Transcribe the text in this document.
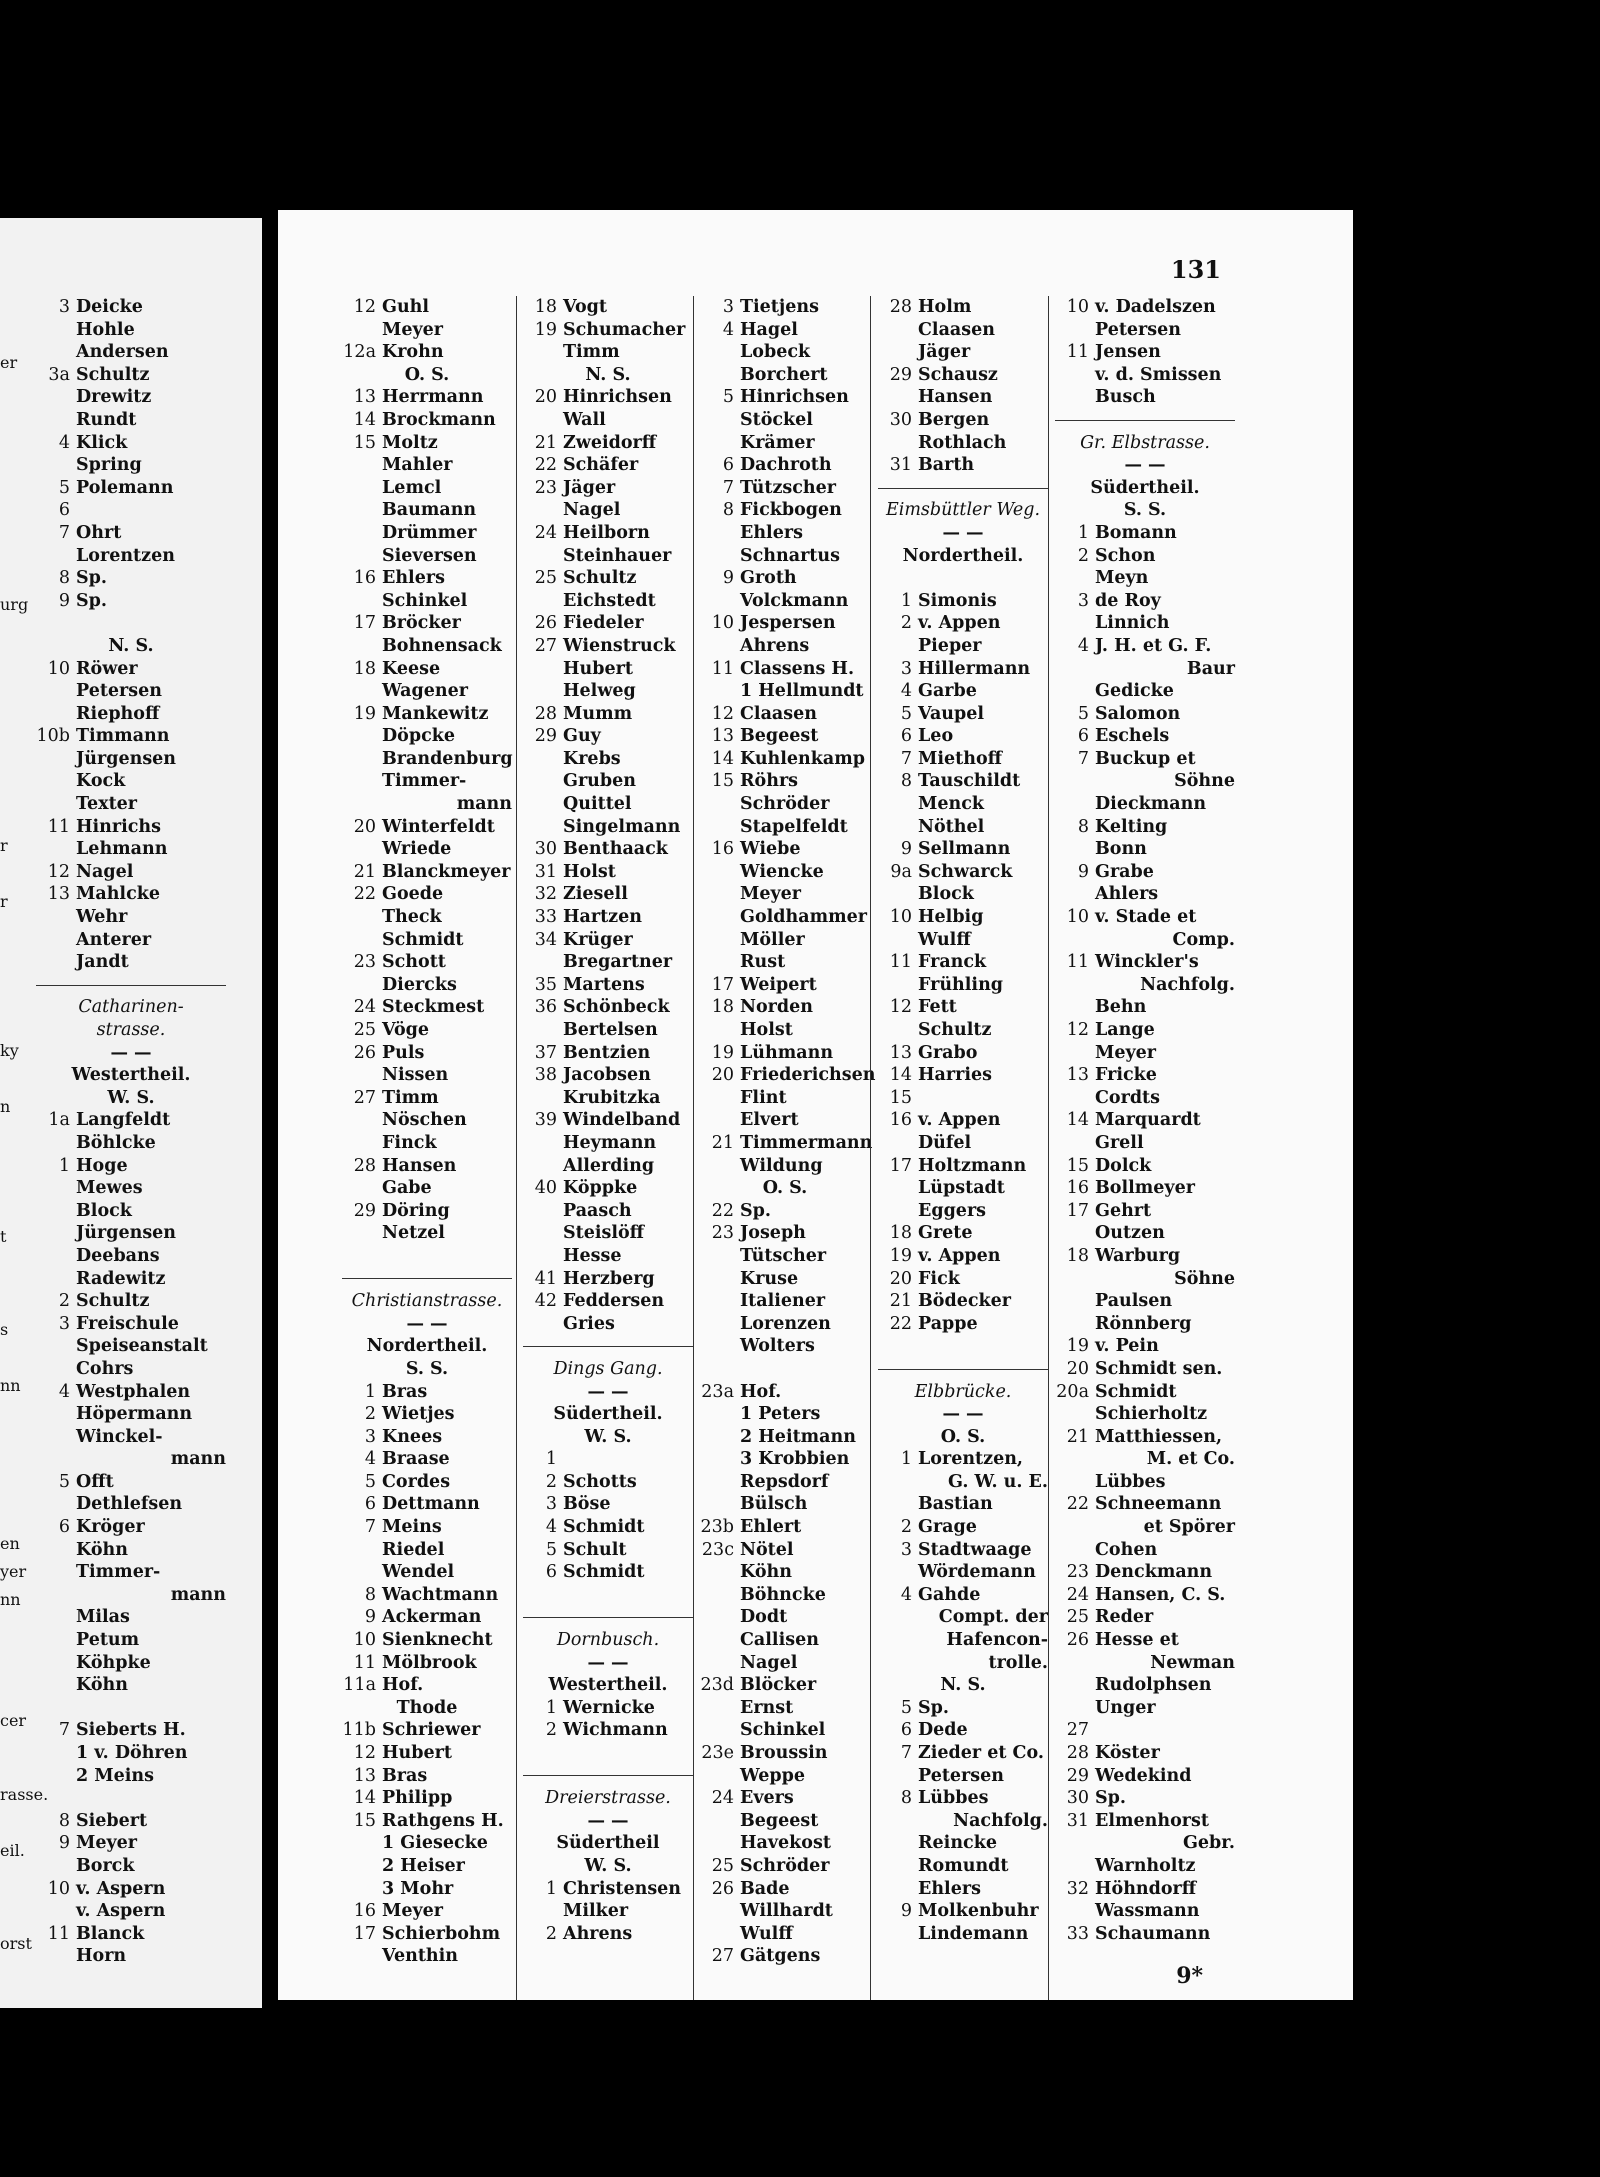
er
urg
r
r
ky
n
t
s
nn
en
yer
nn
cer
rasse.
eil.
orst
3 Deicke
Hohle
Andersen
3a Schultz
Drewitz
Rundt
4 Klick
Spring
5 Polemann
6
7 Ohrt
Lorentzen
8 Sp.
9 Sp.
N. S.
10 Röwer
Petersen
Riephoff
10b Timmann
Jürgensen
Kock
Texter
11 Hinrichs
Lehmann
12 Nagel
13 Mahlcke
Wehr
Anterer
Jandt
Catharinen-
strasse.
— —
Westertheil.
W. S.
1a Langfeldt
Böhlcke
1 Hoge
Mewes
Block
Jürgensen
Deebans
Radewitz
2 Schultz
3 Freischule
Speiseanstalt
Cohrs
4 Westphalen
Höpermann
Winckel-
mann
5 Offt
Dethlefsen
6 Kröger
Köhn
Timmer-
mann
Milas
Petum
Köhpke
Köhn
7 Sieberts H.
1 v. Döhren
2 Meins
8 Siebert
9 Meyer
Borck
10 v. Aspern
v. Aspern
11 Blanck
Horn
131
12 Guhl
Meyer
12a Krohn
O. S.
13 Herrmann
14 Brockmann
15 Moltz
Mahler
Lemcl
Baumann
Drümmer
Sieversen
16 Ehlers
Schinkel
17 Bröcker
Bohnensack
18 Keese
Wagener
19 Mankewitz
Döpcke
Brandenburg
Timmer-
mann
20 Winterfeldt
Wriede
21 Blanckmeyer
22 Goede
Theck
Schmidt
23 Schott
Diercks
24 Steckmest
25 Vöge
26 Puls
Nissen
27 Timm
Nöschen
Finck
28 Hansen
Gabe
29 Döring
Netzel
Christianstrasse.
— —
Nordertheil.
S. S.
1 Bras
2 Wietjes
3 Knees
4 Braase
5 Cordes
6 Dettmann
7 Meins
Riedel
Wendel
8 Wachtmann
9 Ackerman
10 Sienknecht
11 Mölbrook
11a Hof.
Thode
11b Schriewer
12 Hubert
13 Bras
14 Philipp
15 Rathgens H.
1 Giesecke
2 Heiser
3 Mohr
16 Meyer
17 Schierbohm
Venthin
18 Vogt
19 Schumacher
Timm
N. S.
20 Hinrichsen
Wall
21 Zweidorff
22 Schäfer
23 Jäger
Nagel
24 Heilborn
Steinhauer
25 Schultz
Eichstedt
26 Fiedeler
27 Wienstruck
Hubert
Helweg
28 Mumm
29 Guy
Krebs
Gruben
Quittel
Singelmann
30 Benthaack
31 Holst
32 Ziesell
33 Hartzen
34 Krüger
Bregartner
35 Martens
36 Schönbeck
Bertelsen
37 Bentzien
38 Jacobsen
Krubitzka
39 Windelband
Heymann
Allerding
40 Köppke
Paasch
Steislöff
Hesse
41 Herzberg
42 Feddersen
Gries
Dings Gang.
— —
Südertheil.
W. S.
1
2 Schotts
3 Böse
4 Schmidt
5 Schult
6 Schmidt
Dornbusch.
— —
Westertheil.
1 Wernicke
2 Wichmann
Dreierstrasse.
— —
Südertheil
W. S.
1 Christensen
Milker
2 Ahrens
3 Tietjens
4 Hagel
Lobeck
Borchert
5 Hinrichsen
Stöckel
Krämer
6 Dachroth
7 Tützscher
8 Fickbogen
Ehlers
Schnartus
9 Groth
Volckmann
10 Jespersen
Ahrens
11 Classens H.
1 Hellmundt
12 Claasen
13 Begeest
14 Kuhlenkamp
15 Röhrs
Schröder
Stapelfeldt
16 Wiebe
Wiencke
Meyer
Goldhammer
Möller
Rust
17 Weipert
18 Norden
Holst
19 Lühmann
20 Friederichsen
Flint
Elvert
21 Timmermann
Wildung
O. S.
22 Sp.
23 Joseph
Tütscher
Kruse
Italiener
Lorenzen
Wolters
23a Hof.
1 Peters
2 Heitmann
3 Krobbien
Repsdorf
Bülsch
23b Ehlert
23c Nötel
Köhn
Böhncke
Dodt
Callisen
Nagel
23d Blöcker
Ernst
Schinkel
23e Broussin
Weppe
24 Evers
Begeest
Havekost
25 Schröder
26 Bade
Willhardt
Wulff
27 Gätgens
28 Holm
Claasen
Jäger
29 Schausz
Hansen
30 Bergen
Rothlach
31 Barth
Eimsbüttler Weg.
— —
Nordertheil.
1 Simonis
2 v. Appen
Pieper
3 Hillermann
4 Garbe
5 Vaupel
6 Leo
7 Miethoff
8 Tauschildt
Menck
Nöthel
9 Sellmann
9a Schwarck
Block
10 Helbig
Wulff
11 Franck
Frühling
12 Fett
Schultz
13 Grabo
14 Harries
15
16 v. Appen
Düfel
17 Holtzmann
Lüpstadt
Eggers
18 Grete
19 v. Appen
20 Fick
21 Bödecker
22 Pappe
Elbbrücke.
— —
O. S.
1 Lorentzen,
G. W. u. E.
Bastian
2 Grage
3 Stadtwaage
Wördemann
4 Gahde
Compt. der
Hafencon-
trolle.
N. S.
5 Sp.
6 Dede
7 Zieder et Co.
Petersen
8 Lübbes
Nachfolg.
Reincke
Romundt
Ehlers
9 Molkenbuhr
Lindemann
10 v. Dadelszen
Petersen
11 Jensen
v. d. Smissen
Busch
Gr. Elbstrasse.
— —
Südertheil.
S. S.
1 Bomann
2 Schon
Meyn
3 de Roy
Linnich
4 J. H. et G. F.
Baur
Gedicke
5 Salomon
6 Eschels
7 Buckup et
Söhne
Dieckmann
8 Kelting
Bonn
9 Grabe
Ahlers
10 v. Stade et
Comp.
11 Winckler's
Nachfolg.
Behn
12 Lange
Meyer
13 Fricke
Cordts
14 Marquardt
Grell
15 Dolck
16 Bollmeyer
17 Gehrt
Outzen
18 Warburg
Söhne
Paulsen
Rönnberg
19 v. Pein
20 Schmidt sen.
20a Schmidt
Schierholtz
21 Matthiessen,
M. et Co.
Lübbes
22 Schneemann
et Spörer
Cohen
23 Denckmann
24 Hansen, C. S.
25 Reder
26 Hesse et
Newman
Rudolphsen
Unger
27
28 Köster
29 Wedekind
30 Sp.
31 Elmenhorst
Gebr.
Warnholtz
32 Höhndorff
Wassmann
33 Schaumann
9*
